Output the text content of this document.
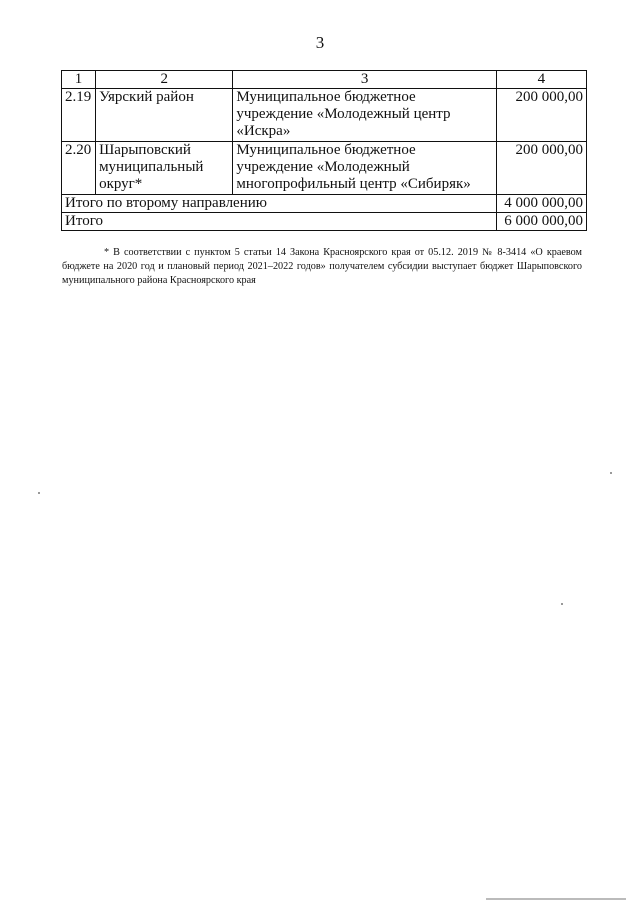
3
1	2	3	4
2.19	Уярский район	Муниципальное бюджетное учреждение «Молодежный центр «Искра»	200 000,00
2.20	Шарыповский муниципальный округ*	Муниципальное бюджетное учреждение «Молодежный многопрофильный центр «Сибиряк»	200 000,00
Итого по второму направлению			4 000 000,00
Итого			6 000 000,00
* В соответствии с пунктом 5 статьи 14 Закона Красноярского края от 05.12. 2019 № 8-3414 «О краевом бюджете на 2020 год и плановый период 2021–2022 годов» получателем субсидии выступает бюджет Шарыповского муниципального района Красноярского края
